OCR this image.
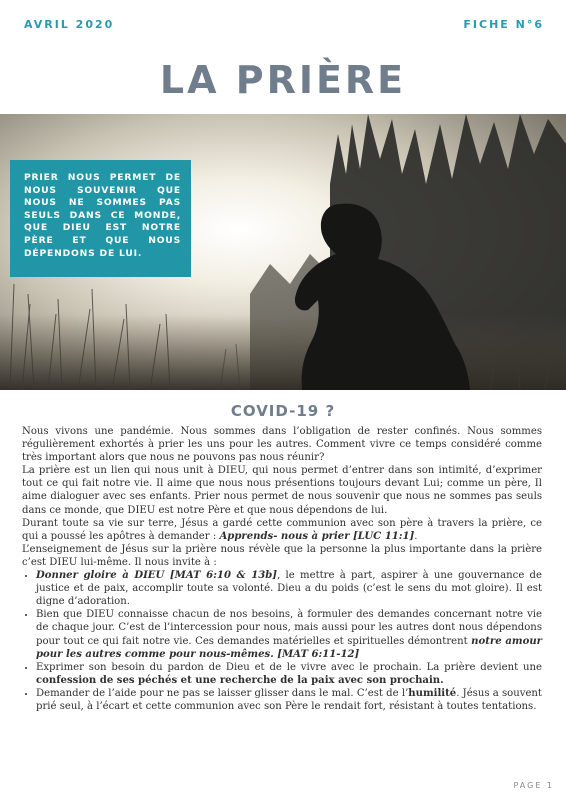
AVRIL 2020	FICHE N°6
LA PRIÈRE
PRIER NOUS PERMET DE NOUS SOUVENIR QUE NOUS NE SOMMES PAS SEULS DANS CE MONDE, QUE DIEU EST NOTRE PÈRE ET QUE NOUS DÉPENDONS DE LUI.
COVID-19 ?

Nous vivons une pandémie. Nous sommes dans l’obligation de rester confinés. Nous sommes régulièrement exhortés à prier les uns pour les autres. Comment vivre ce temps considéré comme très important alors que nous ne pouvons pas nous réunir?

La prière est un lien qui nous unit à DIEU, qui nous permet d’entrer dans son intimité, d’exprimer tout ce qui fait notre vie. Il aime que nous nous présentions toujours devant Lui; comme un père, Il aime dialoguer avec ses enfants. Prier nous permet de nous souvenir que nous ne sommes pas seuls dans ce monde, que DIEU est notre Père et que nous dépendons de lui.

Durant toute sa vie sur terre, Jésus a gardé cette communion avec son père à travers la prière, ce qui a poussé les apôtres à demander : Apprends- nous à prier [LUC 11:1].

L’enseignement de Jésus sur la prière nous révèle que la personne la plus importante dans la prière c’est DIEU lui-même. Il nous invite à :

• Donner gloire à DIEU [MAT 6:10 & 13b], le mettre à part, aspirer à une gouvernance de justice et de paix, accomplir toute sa volonté. Dieu a du poids (c’est le sens du mot gloire). Il est digne d’adoration.
• Bien que DIEU connaisse chacun de nos besoins, à formuler des demandes concernant notre vie de chaque jour. C’est de l’intercession pour nous, mais aussi pour les autres dont nous dépendons pour tout ce qui fait notre vie. Ces demandes matérielles et spirituelles démontrent notre amour pour les autres comme pour nous-mêmes. [MAT 6:11-12]
• Exprimer son besoin du pardon de Dieu et de le vivre avec le prochain. La prière devient une confession de ses péchés et une recherche de la paix avec son prochain.
• Demander de l’aide pour ne pas se laisser glisser dans le mal. C’est de l’humilité. Jésus a souvent prié seul, à l’écart et cette communion avec son Père le rendait fort, résistant à toutes tentations.
PAGE 1
